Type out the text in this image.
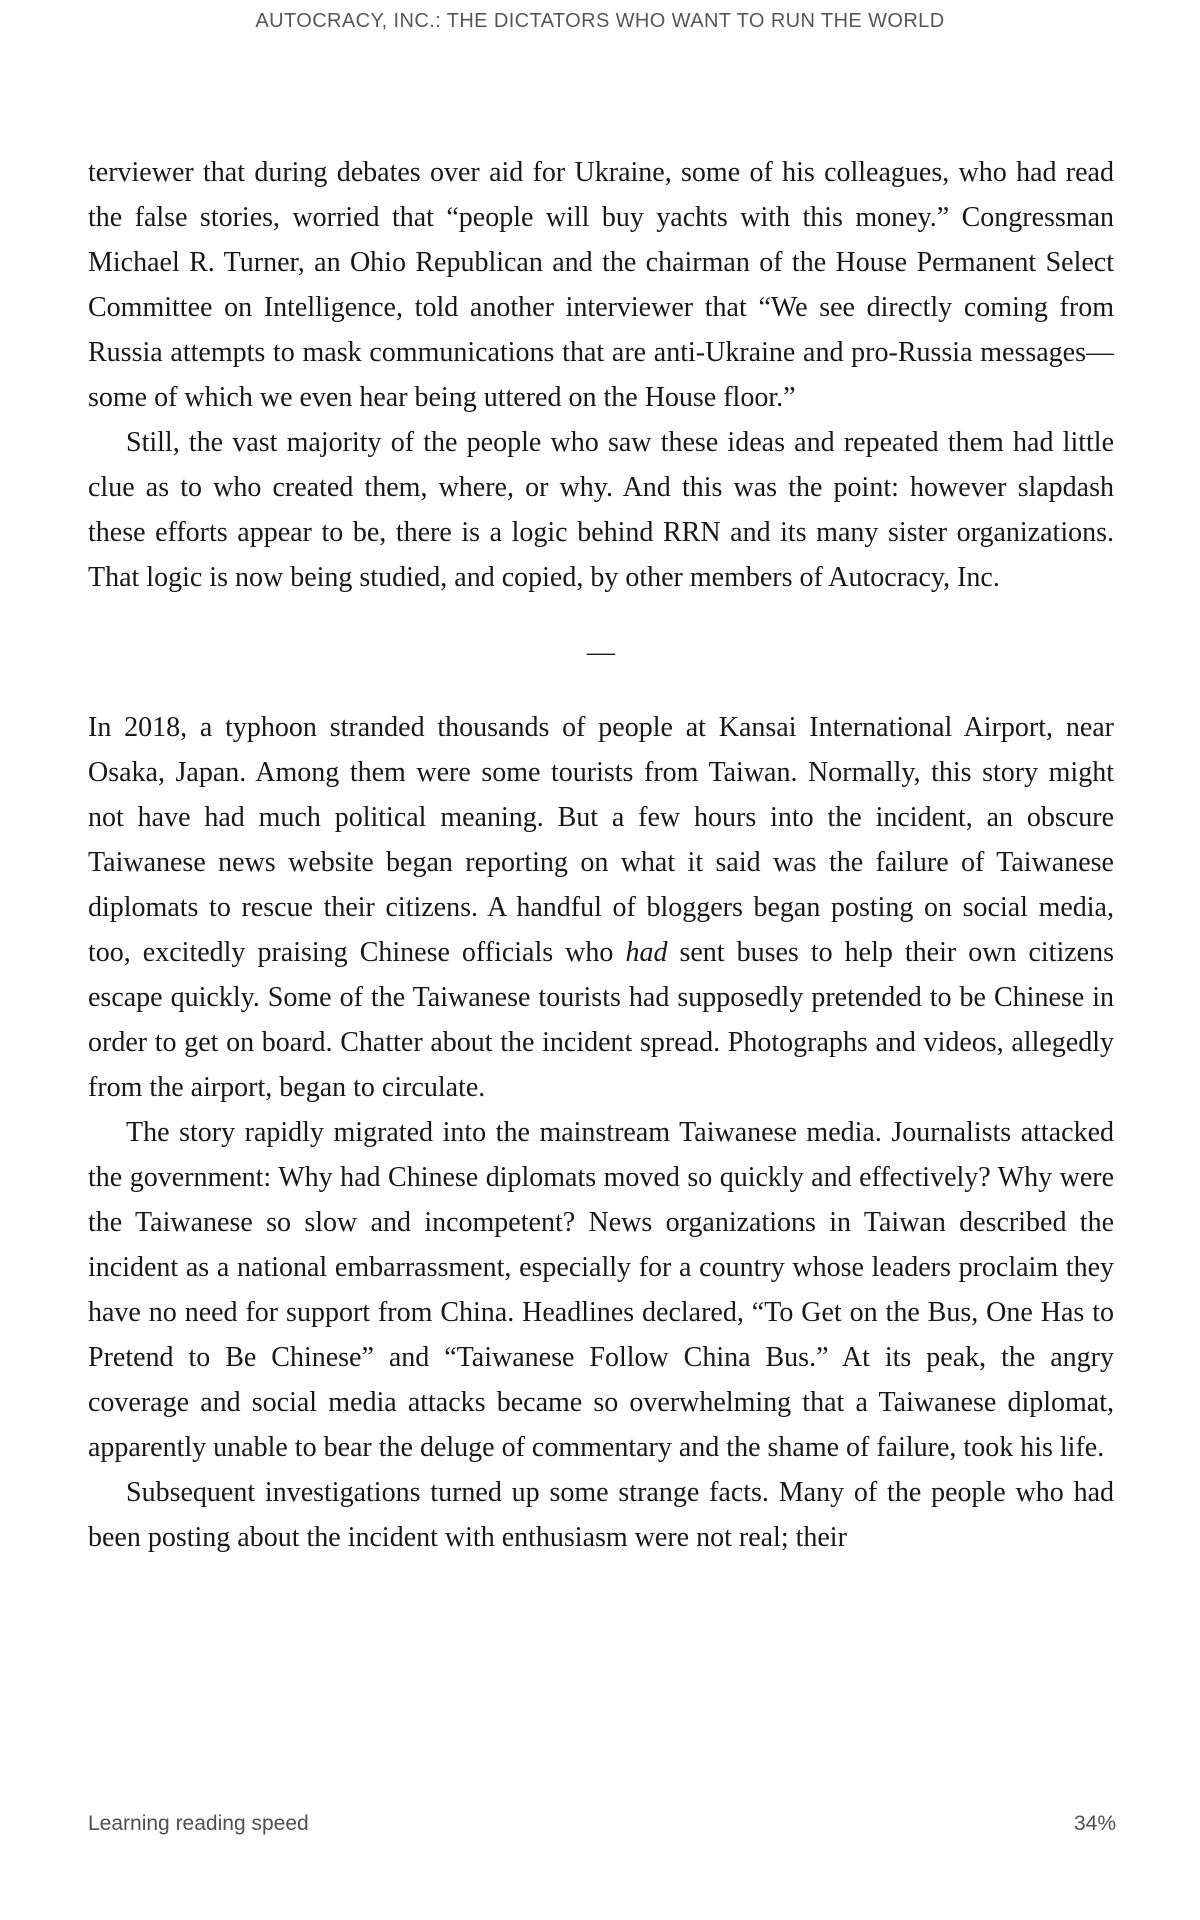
AUTOCRACY, INC.: THE DICTATORS WHO WANT TO RUN THE WORLD

terviewer that during debates over aid for Ukraine, some of his colleagues, who had read the false stories, worried that “people will buy yachts with this money.” Congressman Michael R. Turner, an Ohio Republican and the chairman of the House Permanent Select Committee on Intelligence, told another interviewer that “We see directly coming from Russia attempts to mask communications that are anti-Ukraine and pro-Russia messages—some of which we even hear being uttered on the House floor.”

Still, the vast majority of the people who saw these ideas and repeated them had little clue as to who created them, where, or why. And this was the point: however slapdash these efforts appear to be, there is a logic behind RRN and its many sister organizations. That logic is now being studied, and copied, by other members of Autocracy, Inc.

—

In 2018, a typhoon stranded thousands of people at Kansai International Airport, near Osaka, Japan. Among them were some tourists from Taiwan. Normally, this story might not have had much political meaning. But a few hours into the incident, an obscure Taiwanese news website began reporting on what it said was the failure of Taiwanese diplomats to rescue their citizens. A handful of bloggers began posting on social media, too, excitedly praising Chinese officials who had sent buses to help their own citizens escape quickly. Some of the Taiwanese tourists had supposedly pretended to be Chinese in order to get on board. Chatter about the incident spread. Photographs and videos, allegedly from the airport, began to circulate.

The story rapidly migrated into the mainstream Taiwanese media. Journalists attacked the government: Why had Chinese diplomats moved so quickly and effectively? Why were the Taiwanese so slow and incompetent? News organizations in Taiwan described the incident as a national embarrassment, especially for a country whose leaders proclaim they have no need for support from China. Headlines declared, “To Get on the Bus, One Has to Pretend to Be Chinese” and “Taiwanese Follow China Bus.” At its peak, the angry coverage and social media attacks became so overwhelming that a Taiwanese diplomat, apparently unable to bear the deluge of commentary and the shame of failure, took his life.

Subsequent investigations turned up some strange facts. Many of the people who had been posting about the incident with enthusiasm were not real; their

Learning reading speed	34%
